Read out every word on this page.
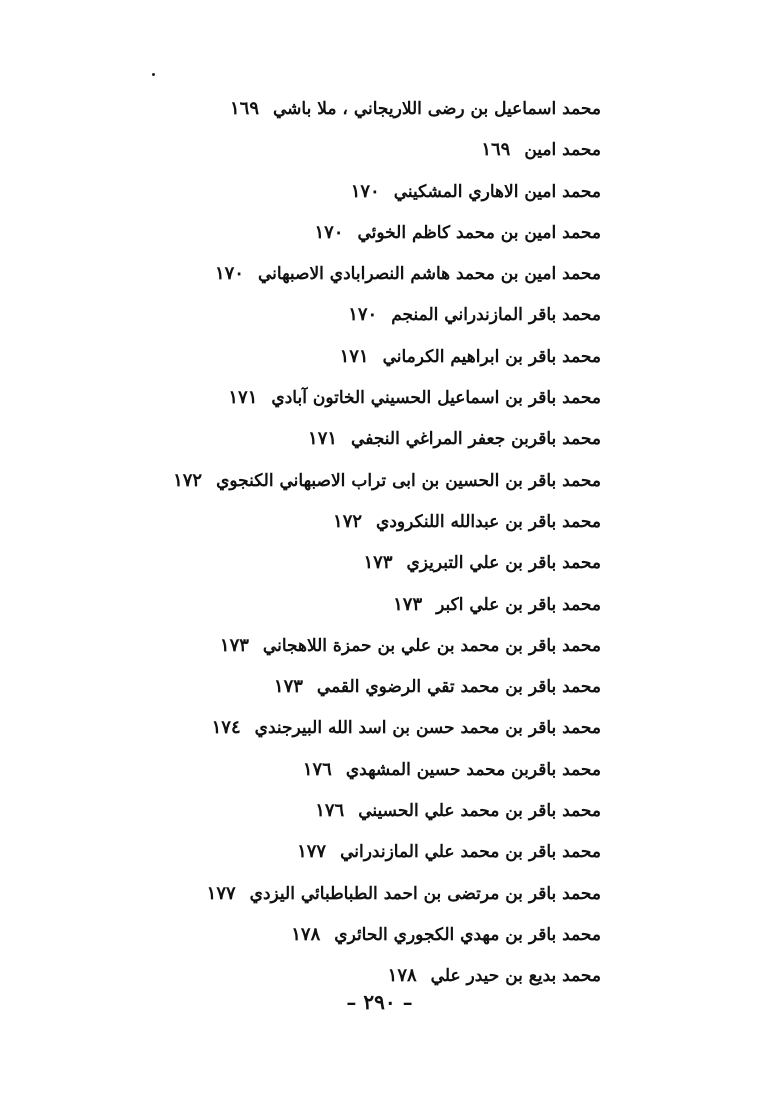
محمد اسماعيل بن رضى اللاريجاني ، ملا باشي
١٦٩
محمد امين
١٦٩
محمد امين الاهاري المشكيني
١٧٠
محمد امين بن محمد كاظم الخوئي
١٧٠
محمد امين بن محمد هاشم النصرابادي الاصبهاني
١٧٠
محمد باقر المازندراني المنجم
١٧٠
محمد باقر بن ابراهيم الكرماني
١٧١
محمد باقر بن اسماعيل الحسيني الخاتون آبادي
١٧١
محمد باقربن جعفر المراغي النجفي
١٧١
محمد باقر بن الحسين بن ابى تراب الاصبهاني الكنجوي
١٧٢
محمد باقر بن عبدالله اللنكرودي
١٧٢
محمد باقر بن علي التبريزي
١٧٣
محمد باقر بن علي اكبر
١٧٣
محمد باقر بن محمد بن علي بن حمزة اللاهجاني
١٧٣
محمد باقر بن محمد تقي الرضوي القمي
١٧٣
محمد باقر بن محمد حسن بن اسد الله البيرجندي
١٧٤
محمد باقربن محمد حسين المشهدي
١٧٦
محمد باقر بن محمد علي الحسيني
١٧٦
محمد باقر بن محمد علي المازندراني
١٧٧
محمد باقر بن مرتضى بن احمد الطباطبائي اليزدي
١٧٧
محمد باقر بن مهدي الكجوري الحائري
١٧٨
محمد بديع بن حيدر علي
١٧٨
– ٢٩٠ –
